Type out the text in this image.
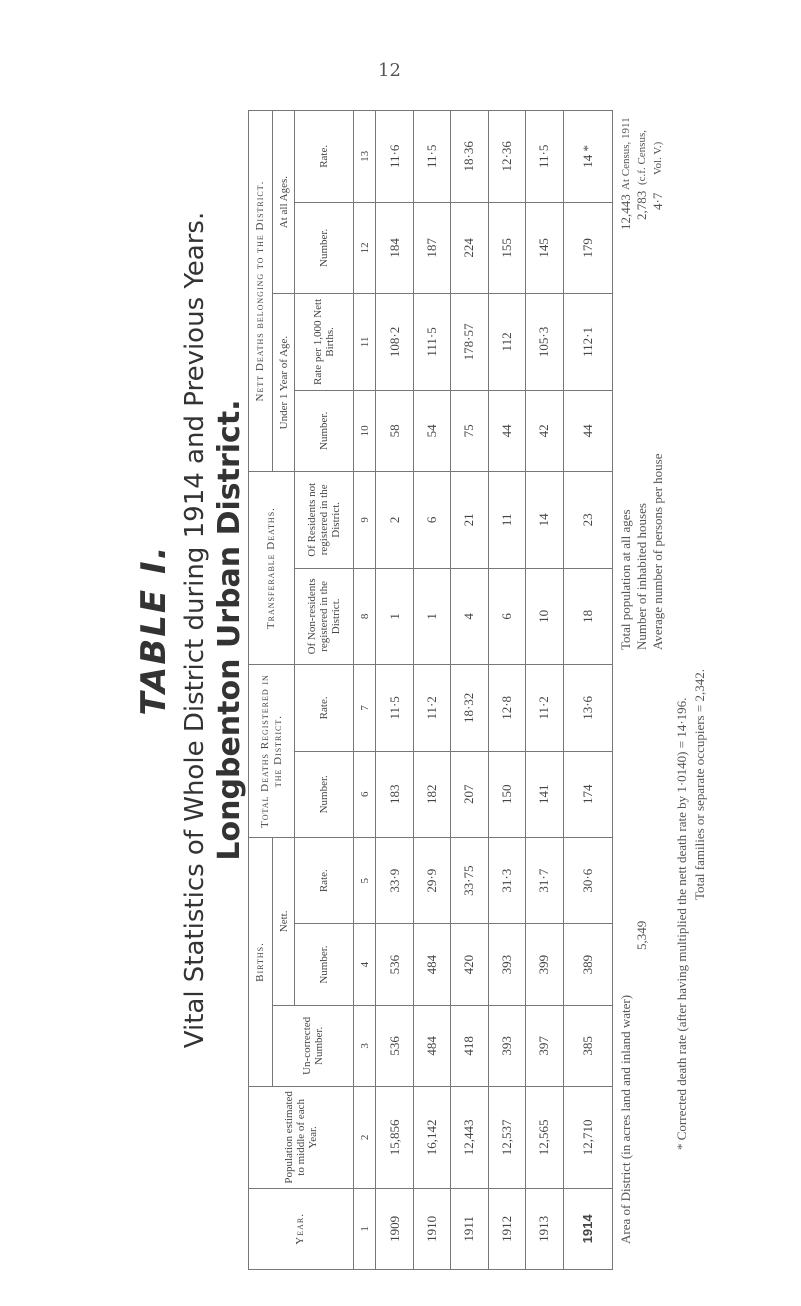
12
TABLE I. Vital Statistics of Whole District during 1914 and Previous Years. Longbenton Urban District.
Year.	Population estimated to middle of each Year.	Births.			Total Deaths Registered in the District.		Transferable Deaths.		Nett Deaths belonging to the District.			
		Un-corrected Number.	Nett.						Under 1 Year of Age.		At all Ages.	
			Number.	Rate.	Number.	Rate.	Of Non-residents registered in the District.	Of Residents not registered in the District.	Number.	Rate per 1,000 Nett Births.	Number.	Rate.
1	2	3	4	5	6	7	8	9	10	11	12	13
1909	15,856	536	536	33·9	183	11·5	1	2	58	108·2	184	11·6
1910	16,142	484	484	29·9	182	11·2	1	6	54	111·5	187	11·5
1911	12,443	418	420	33·75	207	18·32	4	21	75	178·57	224	18·36
1912	12,537	393	393	31·3	150	12·8	6	11	44	112	155	12·36
1913	12,565	397	399	31·7	141	11·2	10	14	42	105·3	145	11·5
1914	12,710	385	389	30·6	174	13·6	18	23	44	112·1	179	14 *
Area of District (in acres land and inland water)
5,349
Total population at all ages
12,443
Number of inhabited houses
2,783
Average number of persons per house
4·7
At Census, 1911 (c.f. Census, Vol. V.)
* Corrected death rate (after having multiplied the nett death rate by 1·0140) = 14·196. Total families or separate occupiers = 2,342.
